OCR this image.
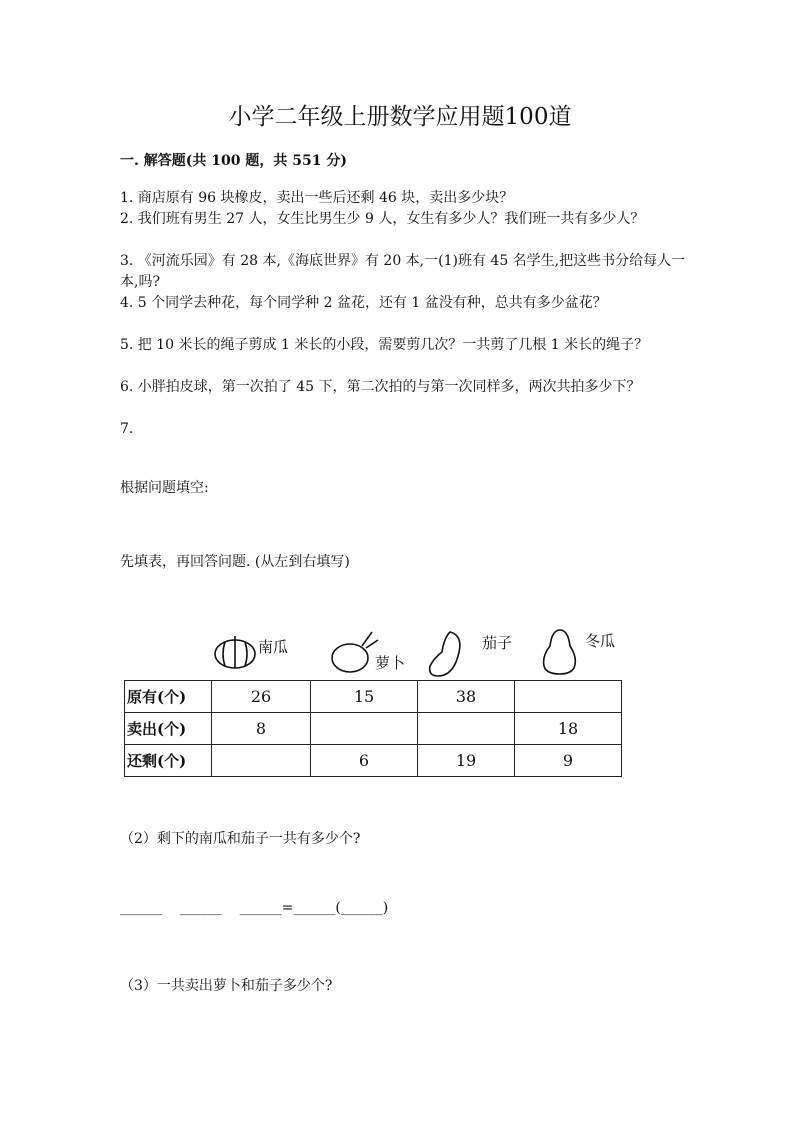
小学二年级上册数学应用题100道
一. 解答题(共 100 题，共 551 分)
1. 商店原有 96 块橡皮，卖出一些后还剩 46 块，卖出多少块？
2. 我们班有男生 27 人，女生比男生少 9 人，女生有多少人？我们班一共有多少人？
3. 《河流乐园》有 28 本,《海底世界》有 20 本,一(1)班有 45 名学生,把这些书分给每人一本,吗?
4. 5 个同学去种花，每个同学种 2 盆花，还有 1 盆没有种，总共有多少盆花？
5. 把 10 米长的绳子剪成 1 米长的小段，需要剪几次？一共剪了几根 1 米长的绳子？
6. 小胖拍皮球，第一次拍了 45 下，第二次拍的与第一次同样多，两次共拍多少下？
7.
根据问题填空:
先填表，再回答问题. (从左到右填写)
南瓜
萝卜
茄子	冬瓜
原有(个)	26	15	38	
卖出(个)	8			18
还剩(个)		6	19	9
（2）剩下的南瓜和茄子一共有多少个?
______    ______    ______=______(______)
（3）一共卖出萝卜和茄子多少个?
